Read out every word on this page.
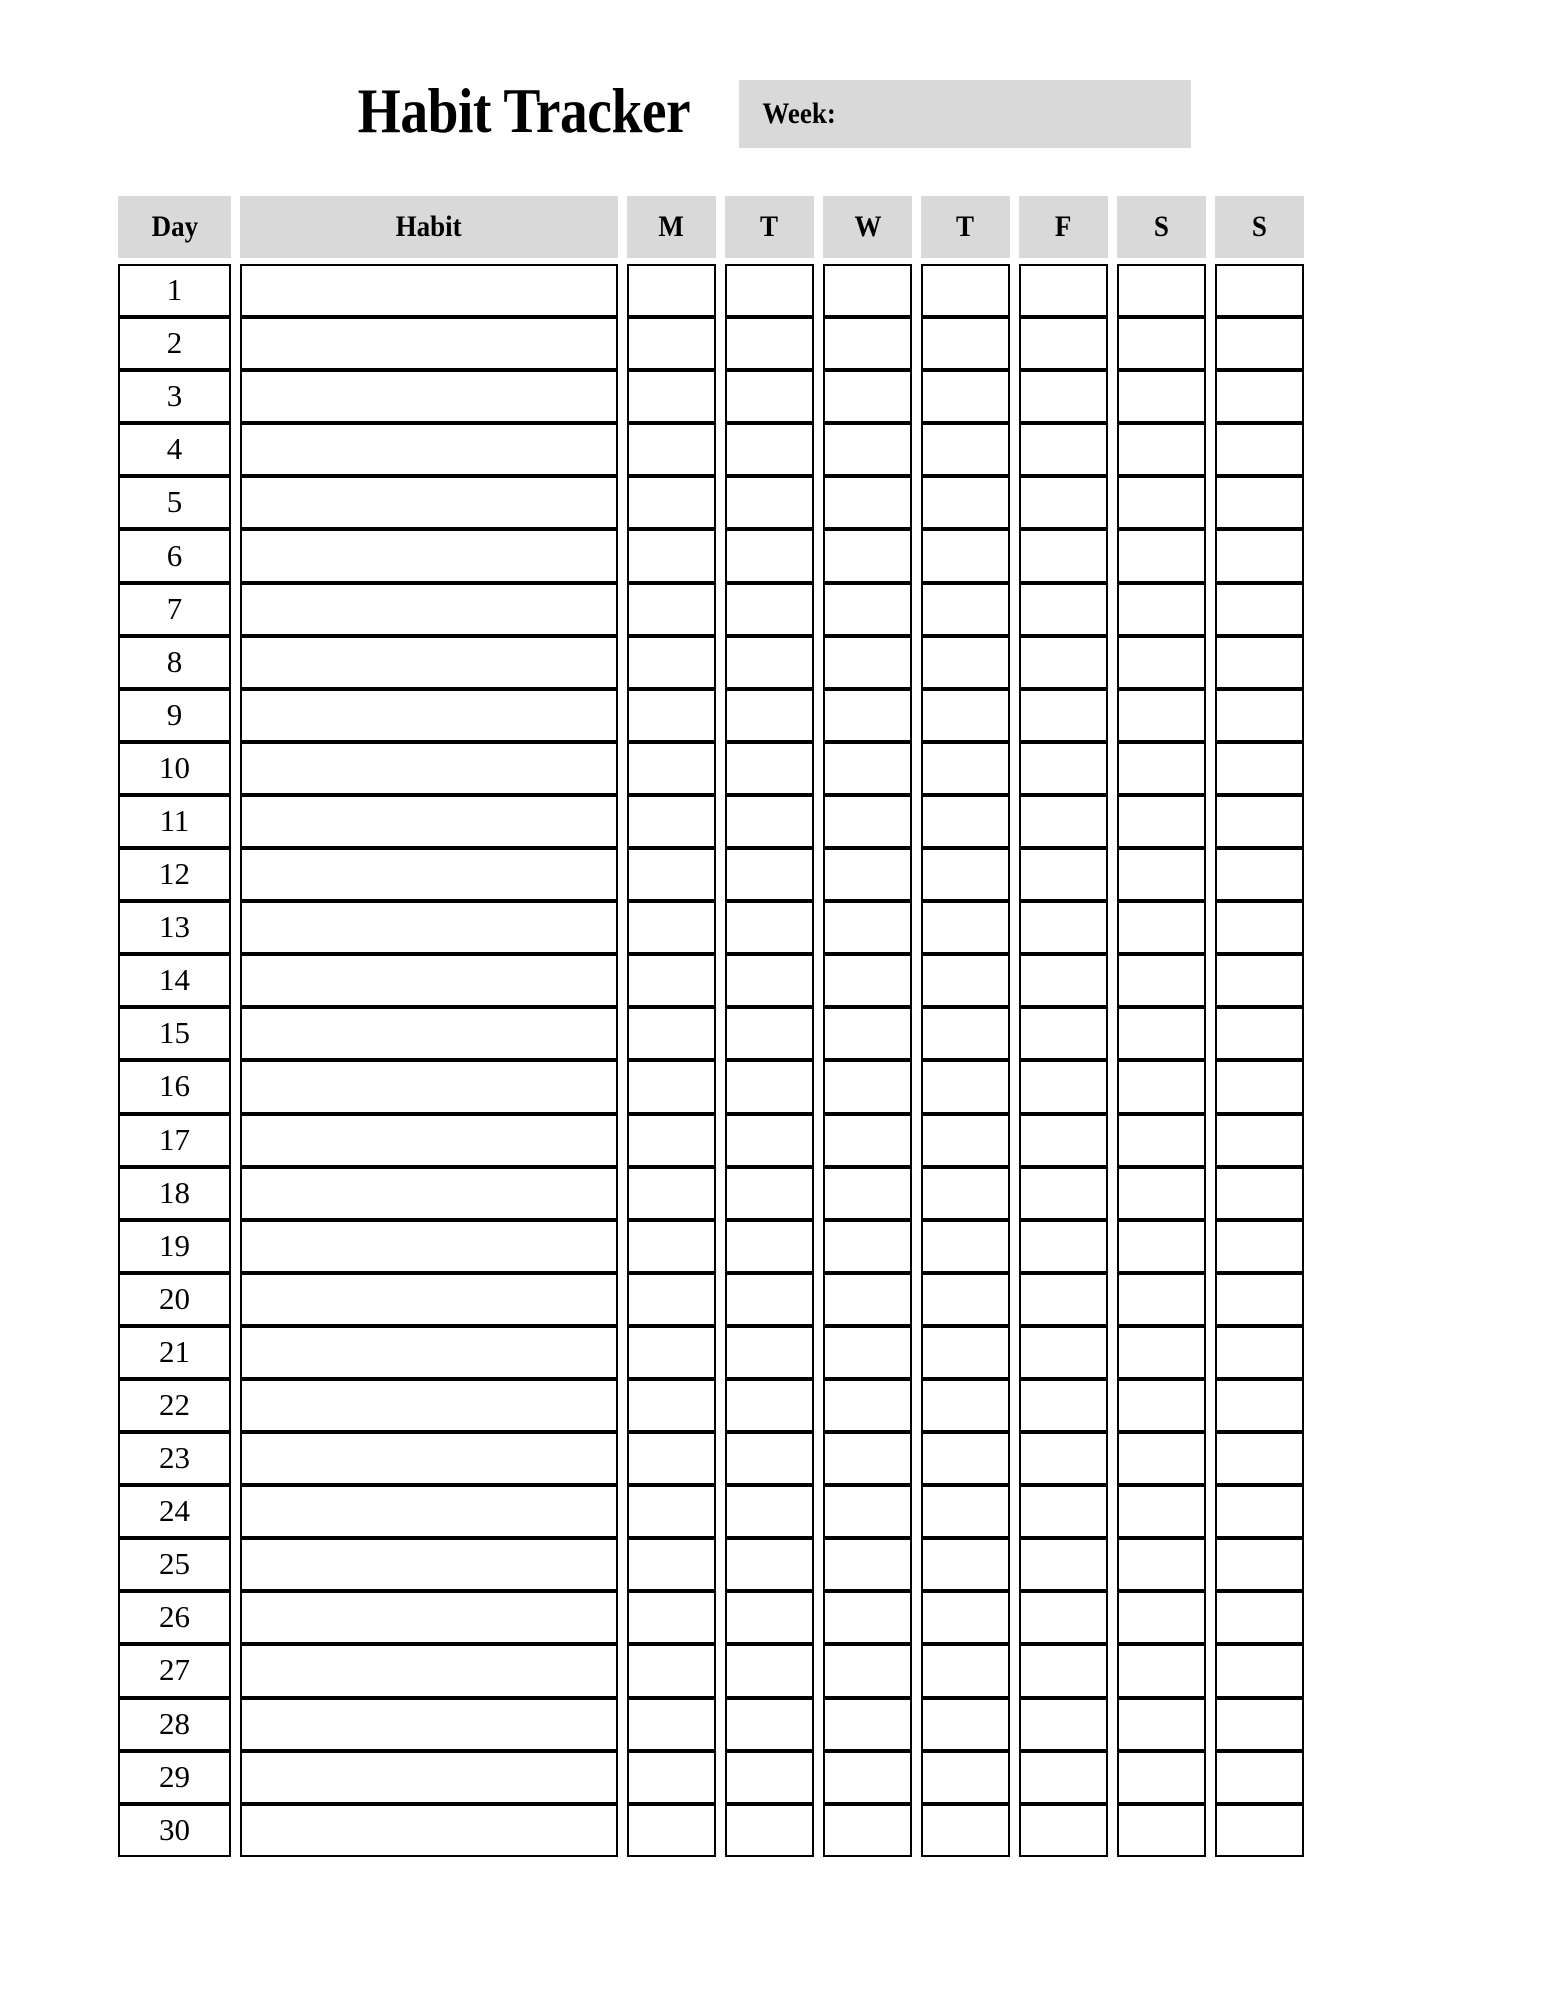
Habit Tracker	Week:
Day	Habit	M	T	W	T	F	S	S
1
2
3
4
5
6
7
8
9
10
11
12
13
14
15
16
17
18
19
20
21
22
23
24
25
26
27
28
29
30
